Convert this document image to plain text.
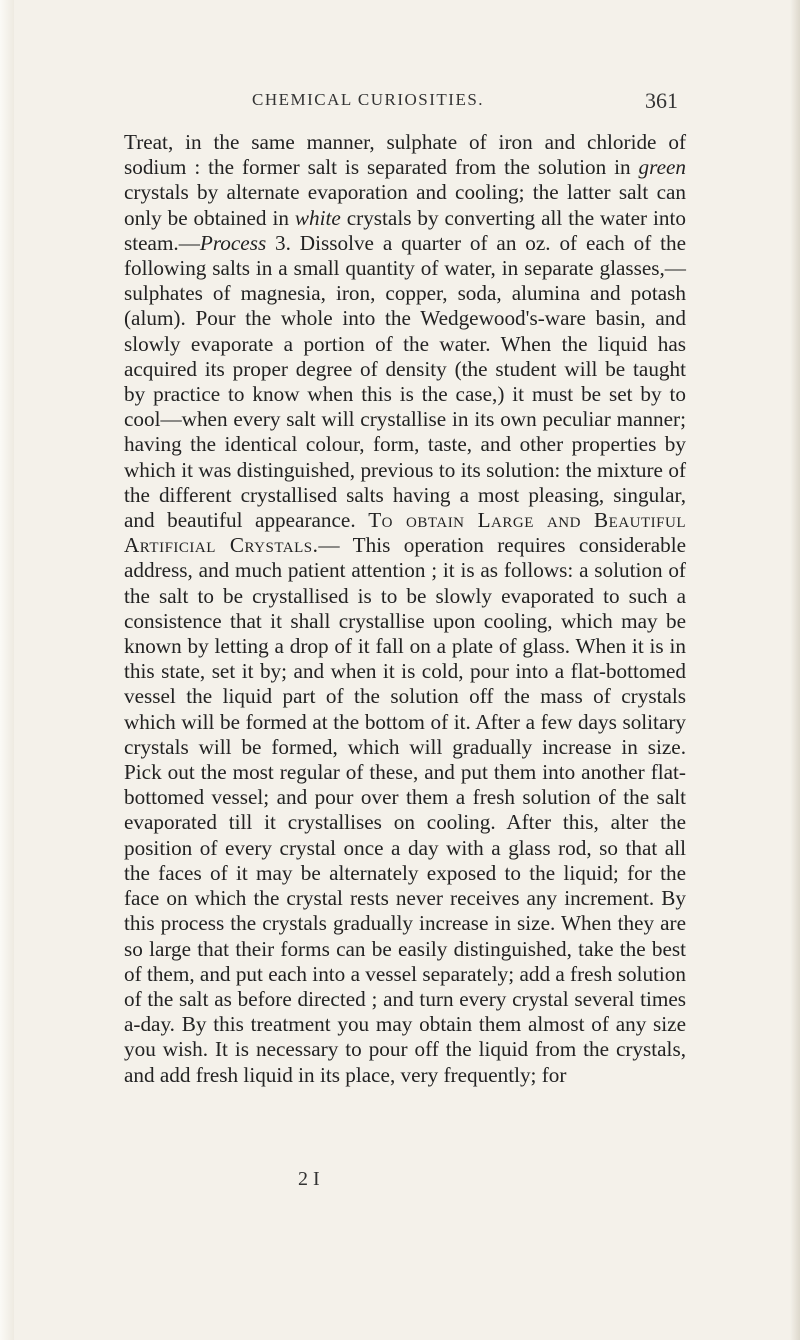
CHEMICAL CURIOSITIES.	361

Treat, in the same manner, sulphate of iron and chloride of sodium : the former salt is separated from the solution in green crystals by alternate evaporation and cooling; the latter salt can only be obtained in white crystals by converting all the water into steam.—Process 3. Dissolve a quarter of an oz. of each of the following salts in a small quantity of water, in separate glasses,—sulphates of magnesia, iron, copper, soda, alumina and potash (alum). Pour the whole into the Wedgewood's-ware basin, and slowly evaporate a portion of the water. When the liquid has acquired its proper degree of density (the student will be taught by practice to know when this is the case,) it must be set by to cool—when every salt will crystallise in its own peculiar manner; having the identical colour, form, taste, and other properties by which it was distinguished, previous to its solution: the mixture of the different crystallised salts having a most pleasing, singular, and beautiful appearance. To obtain Large and Beautiful Artificial Crystals.— This operation requires considerable address, and much patient attention ; it is as follows: a solution of the salt to be crystallised is to be slowly evaporated to such a consistence that it shall crystallise upon cooling, which may be known by letting a drop of it fall on a plate of glass. When it is in this state, set it by; and when it is cold, pour into a flat-bottomed vessel the liquid part of the solution off the mass of crystals which will be formed at the bottom of it. After a few days solitary crystals will be formed, which will gradually increase in size. Pick out the most regular of these, and put them into another flat-bottomed vessel; and pour over them a fresh solution of the salt evaporated till it crystallises on cooling. After this, alter the position of every crystal once a day with a glass rod, so that all the faces of it may be alternately exposed to the liquid; for the face on which the crystal rests never receives any increment. By this process the crystals gradually increase in size. When they are so large that their forms can be easily distinguished, take the best of them, and put each into a vessel separately; add a fresh solution of the salt as before directed ; and turn every crystal several times a-day. By this treatment you may obtain them almost of any size you wish. It is necessary to pour off the liquid from the crystals, and add fresh liquid in its place, very frequently; for

2 I
